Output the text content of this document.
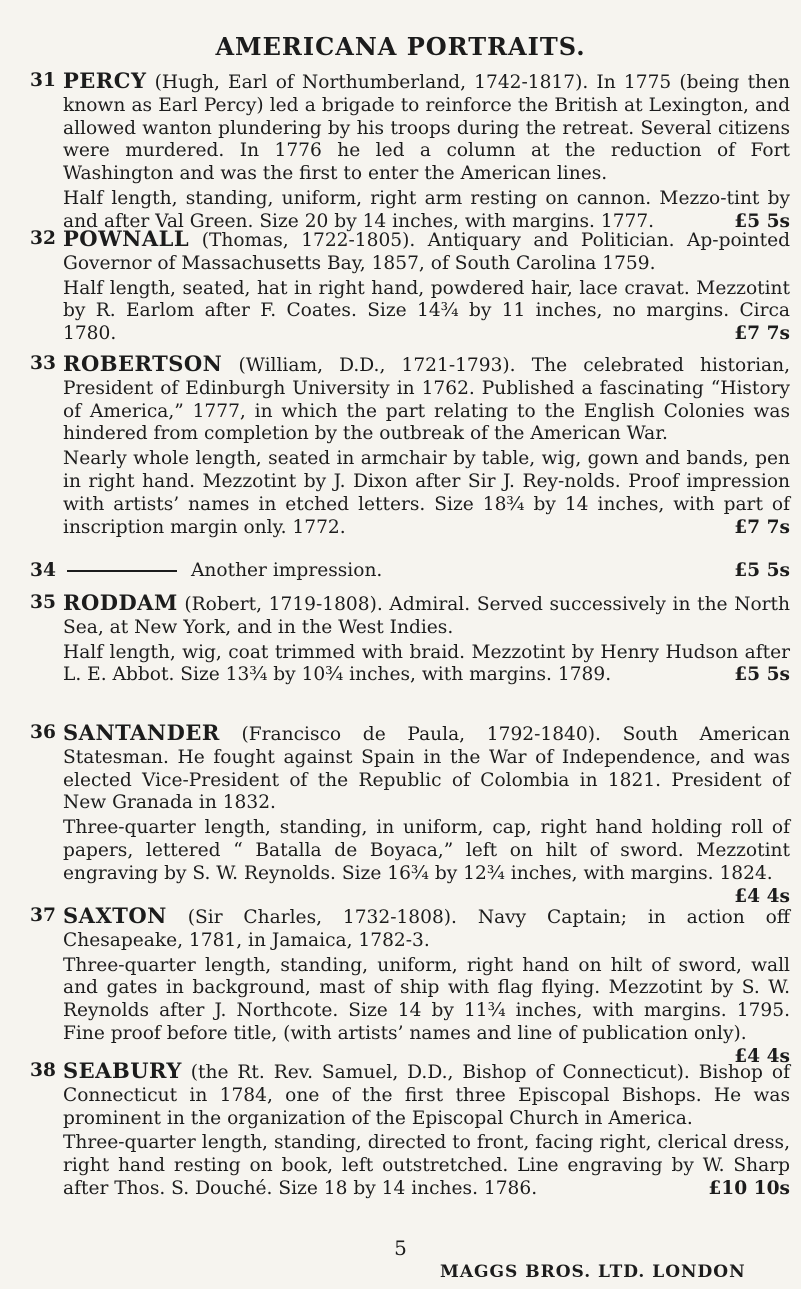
AMERICANA PORTRAITS.
31 PERCY (Hugh, Earl of Northumberland, 1742-1817). In 1775 (being then known as Earl Percy) led a brigade to reinforce the British at Lexington, and allowed wanton plundering by his troops during the retreat. Several citizens were murdered. In 1776 he led a column at the reduction of Fort Washington and was the first to enter the American lines.
Half length, standing, uniform, right arm resting on cannon. Mezzo-tint by and after Val Green. Size 20 by 14 inches, with margins. 1777.	£5 5s
32 POWNALL (Thomas, 1722-1805). Antiquary and Politician. Ap-pointed Governor of Massachusetts Bay, 1857, of South Carolina 1759.
Half length, seated, hat in right hand, powdered hair, lace cravat. Mezzotint by R. Earlom after F. Coates. Size 14¾ by 11 inches, no margins. Circa 1780.	£7 7s
33 ROBERTSON (William, D.D., 1721-1793). The celebrated historian, President of Edinburgh University in 1762. Published a fascinating “History of America,” 1777, in which the part relating to the English Colonies was hindered from completion by the outbreak of the American War.
Nearly whole length, seated in armchair by table, wig, gown and bands, pen in right hand. Mezzotint by J. Dixon after Sir J. Rey-nolds. Proof impression with artists’ names in etched letters. Size 18¾ by 14 inches, with part of inscription margin only. 1772.	£7 7s
34	Another impression.	£5 5s
35 RODDAM (Robert, 1719-1808). Admiral. Served successively in the North Sea, at New York, and in the West Indies.
Half length, wig, coat trimmed with braid. Mezzotint by Henry Hudson after L. E. Abbot. Size 13¾ by 10¾ inches, with margins. 1789.	£5 5s
36 SANTANDER (Francisco de Paula, 1792-1840). South American Statesman. He fought against Spain in the War of Independence, and was elected Vice-President of the Republic of Colombia in 1821. President of New Granada in 1832.
Three-quarter length, standing, in uniform, cap, right hand holding roll of papers, lettered “ Batalla de Boyaca,” left on hilt of sword. Mezzotint engraving by S. W. Reynolds. Size 16¾ by 12¾ inches, with margins. 1824.
£4 4s
37 SAXTON (Sir Charles, 1732-1808). Navy Captain; in action off Chesapeake, 1781, in Jamaica, 1782-3.
Three-quarter length, standing, uniform, right hand on hilt of sword, wall and gates in background, mast of ship with flag flying. Mezzotint by S. W. Reynolds after J. Northcote. Size 14 by 11¾ inches, with margins. 1795. Fine proof before title, (with artists’ names and line of publication only).
£4 4s
38 SEABURY (the Rt. Rev. Samuel, D.D., Bishop of Connecticut). Bishop of Connecticut in 1784, one of the first three Episcopal Bishops. He was prominent in the organization of the Episcopal Church in America.
Three-quarter length, standing, directed to front, facing right, clerical dress, right hand resting on book, left outstretched. Line engraving by W. Sharp after Thos. S. Douché. Size 18 by 14 inches. 1786.	£10 10s
5
MAGGS BROS. LTD. LONDON
